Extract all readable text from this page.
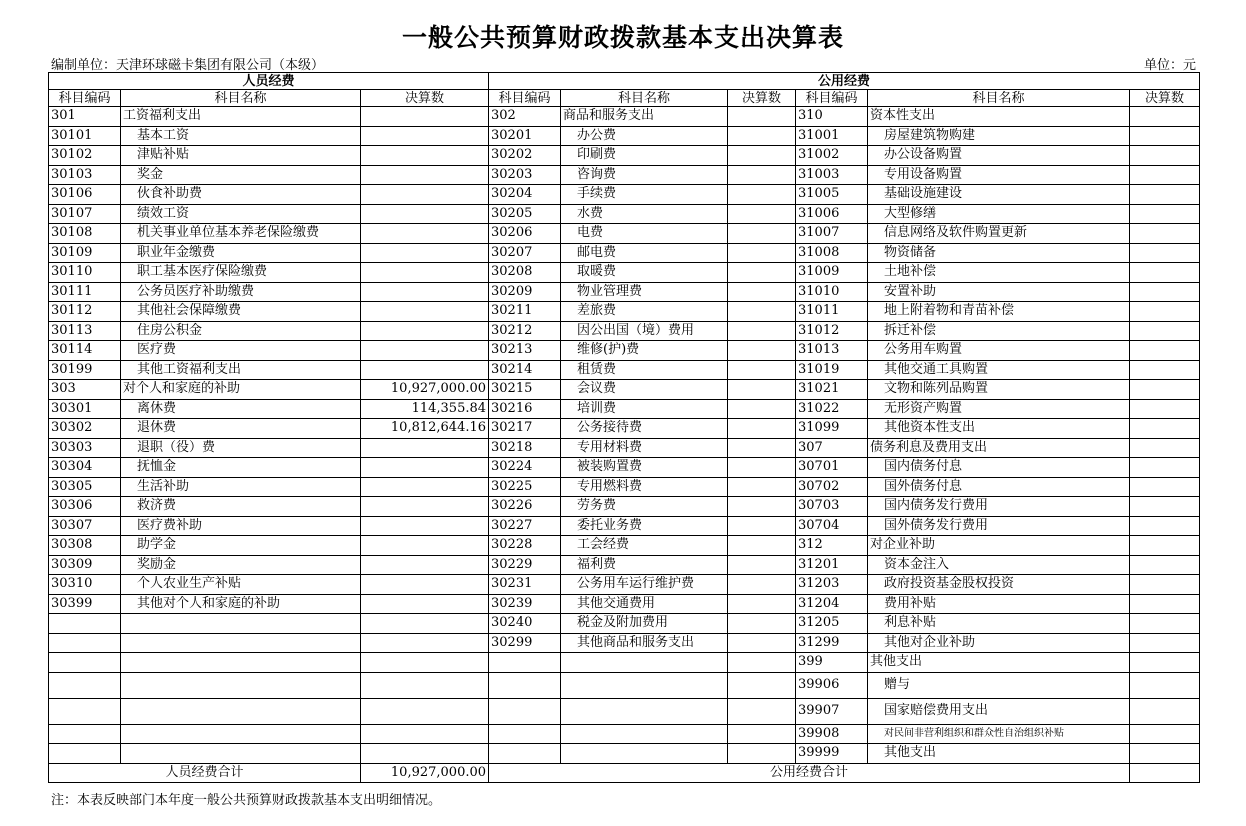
一般公共预算财政拨款基本支出决算表
编制单位：天津环球磁卡集团有限公司（本级）	单位：元
人员经费			公用经费					
科目编码	科目名称	决算数	科目编码	科目名称	决算数	科目编码	科目名称	决算数
301	工资福利支出		302	商品和服务支出		310	资本性支出	
30101	基本工资		30201	办公费		31001	房屋建筑物购建	
30102	津贴补贴		30202	印刷费		31002	办公设备购置	
30103	奖金		30203	咨询费		31003	专用设备购置	
30106	伙食补助费		30204	手续费		31005	基础设施建设	
30107	绩效工资		30205	水费		31006	大型修缮	
30108	机关事业单位基本养老保险缴费		30206	电费		31007	信息网络及软件购置更新	
30109	职业年金缴费		30207	邮电费		31008	物资储备	
30110	职工基本医疗保险缴费		30208	取暖费		31009	土地补偿	
30111	公务员医疗补助缴费		30209	物业管理费		31010	安置补助	
30112	其他社会保障缴费		30211	差旅费		31011	地上附着物和青苗补偿	
30113	住房公积金		30212	因公出国（境）费用		31012	拆迁补偿	
30114	医疗费		30213	维修(护)费		31013	公务用车购置	
30199	其他工资福利支出		30214	租赁费		31019	其他交通工具购置	
303	对个人和家庭的补助	10,927,000.00	30215	会议费		31021	文物和陈列品购置	
30301	离休费	114,355.84	30216	培训费		31022	无形资产购置	
30302	退休费	10,812,644.16	30217	公务接待费		31099	其他资本性支出	
30303	退职（役）费		30218	专用材料费		307	债务利息及费用支出	
30304	抚恤金		30224	被装购置费		30701	国内债务付息	
30305	生活补助		30225	专用燃料费		30702	国外债务付息	
30306	救济费		30226	劳务费		30703	国内债务发行费用	
30307	医疗费补助		30227	委托业务费		30704	国外债务发行费用	
30308	助学金		30228	工会经费		312	对企业补助	
30309	奖励金		30229	福利费		31201	资本金注入	
30310	个人农业生产补贴		30231	公务用车运行维护费		31203	政府投资基金股权投资	
30399	其他对个人和家庭的补助		30239	其他交通费用		31204	费用补贴	
			30240	税金及附加费用		31205	利息补贴	
			30299	其他商品和服务支出		31299	其他对企业补助	
						399	其他支出	
						39906	赠与	
						39907	国家赔偿费用支出	
						39908	对民间非营利组织和群众性自治组织补贴	
						39999	其他支出	
人员经费合计		10,927,000.00	公用经费合计					
注：本表反映部门本年度一般公共预算财政拨款基本支出明细情况。
